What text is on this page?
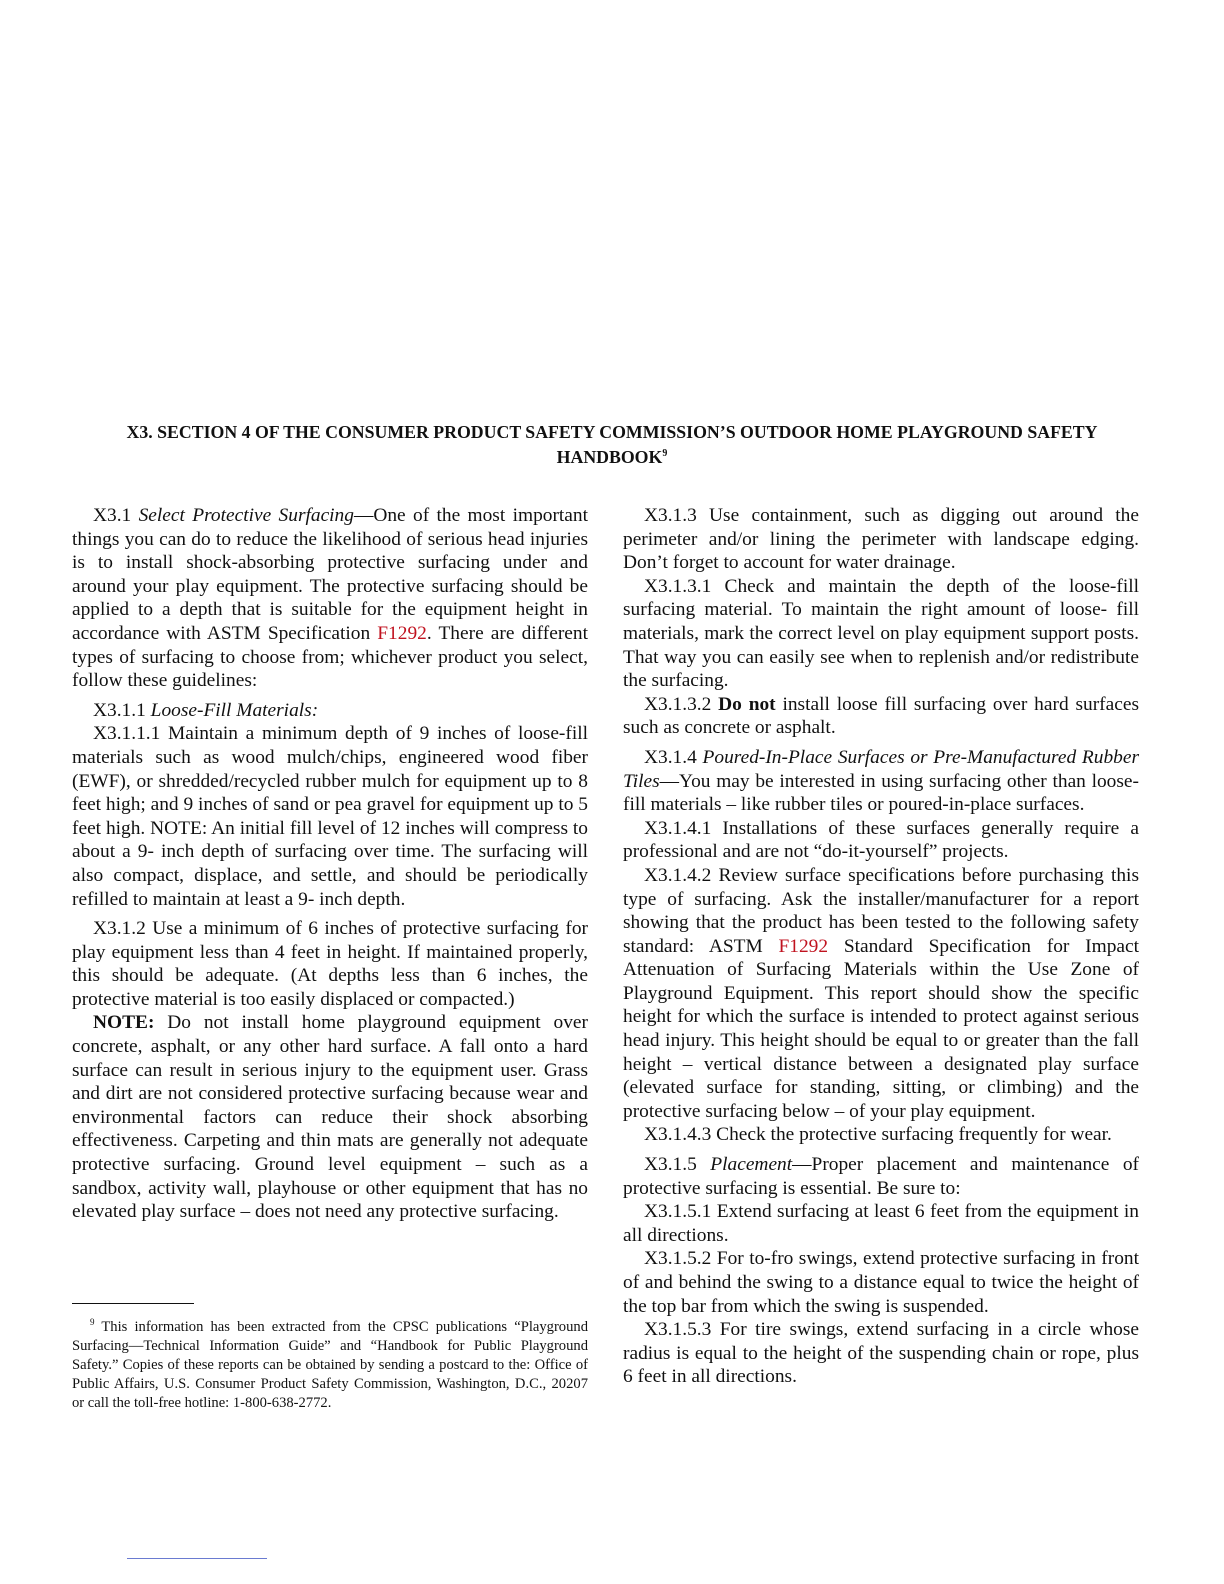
X3. SECTION 4 OF THE CONSUMER PRODUCT SAFETY COMMISSION’S OUTDOOR HOME PLAYGROUND SAFETY
HANDBOOK$^9$

X3.1 Select Protective Surfacing—One of the most important things you can do to reduce the likelihood of serious head injuries is to install shock-absorbing protective surfacing under and around your play equipment. The protective surfacing should be applied to a depth that is suitable for the equipment height in accordance with ASTM Specification F1292. There are different types of surfacing to choose from; whichever product you select, follow these guidelines:

X3.1.1 Loose-Fill Materials:

X3.1.1.1 Maintain a minimum depth of 9 inches of loose-fill materials such as wood mulch/chips, engineered wood fiber (EWF), or shredded/recycled rubber mulch for equipment up to 8 feet high; and 9 inches of sand or pea gravel for equipment up to 5 feet high. NOTE: An initial fill level of 12 inches will compress to about a 9- inch depth of surfacing over time. The surfacing will also compact, displace, and settle, and should be periodically refilled to maintain at least a 9- inch depth.

X3.1.2 Use a minimum of 6 inches of protective surfacing for play equipment less than 4 feet in height. If maintained properly, this should be adequate. (At depths less than 6 inches, the protective material is too easily displaced or compacted.)

NOTE: Do not install home playground equipment over concrete, asphalt, or any other hard surface. A fall onto a hard surface can result in serious injury to the equipment user. Grass and dirt are not considered protective surfacing because wear and environmental factors can reduce their shock absorbing effectiveness. Carpeting and thin mats are generally not adequate protective surfacing. Ground level equipment – such as a sandbox, activity wall, playhouse or other equipment that has no elevated play surface – does not need any protective surfacing.

$^9$ This information has been extracted from the CPSC publications “Playground Surfacing—Technical Information Guide” and “Handbook for Public Playground Safety.” Copies of these reports can be obtained by sending a postcard to the: Office of Public Affairs, U.S. Consumer Product Safety Commission, Washington, D.C., 20207 or call the toll-free hotline: 1-800-638-2772.

X3.1.3 Use containment, such as digging out around the perimeter and/or lining the perimeter with landscape edging. Don’t forget to account for water drainage.

X3.1.3.1 Check and maintain the depth of the loose-fill surfacing material. To maintain the right amount of loose- fill materials, mark the correct level on play equipment support posts. That way you can easily see when to replenish and/or redistribute the surfacing.

X3.1.3.2 Do not install loose fill surfacing over hard surfaces such as concrete or asphalt.

X3.1.4 Poured-In-Place Surfaces or Pre-Manufactured Rubber Tiles—You may be interested in using surfacing other than loose-fill materials – like rubber tiles or poured-in-place surfaces.

X3.1.4.1 Installations of these surfaces generally require a professional and are not “do-it-yourself” projects.

X3.1.4.2 Review surface specifications before purchasing this type of surfacing. Ask the installer/manufacturer for a report showing that the product has been tested to the following safety standard: ASTM F1292 Standard Specification for Impact Attenuation of Surfacing Materials within the Use Zone of Playground Equipment. This report should show the specific height for which the surface is intended to protect against serious head injury. This height should be equal to or greater than the fall height – vertical distance between a designated play surface (elevated surface for standing, sitting, or climbing) and the protective surfacing below – of your play equipment.

X3.1.4.3 Check the protective surfacing frequently for wear.

X3.1.5 Placement—Proper placement and maintenance of protective surfacing is essential. Be sure to:

X3.1.5.1 Extend surfacing at least 6 feet from the equipment in all directions.

X3.1.5.2 For to-fro swings, extend protective surfacing in front of and behind the swing to a distance equal to twice the height of the top bar from which the swing is suspended.

X3.1.5.3 For tire swings, extend surfacing in a circle whose radius is equal to the height of the suspending chain or rope, plus 6 feet in all directions.
